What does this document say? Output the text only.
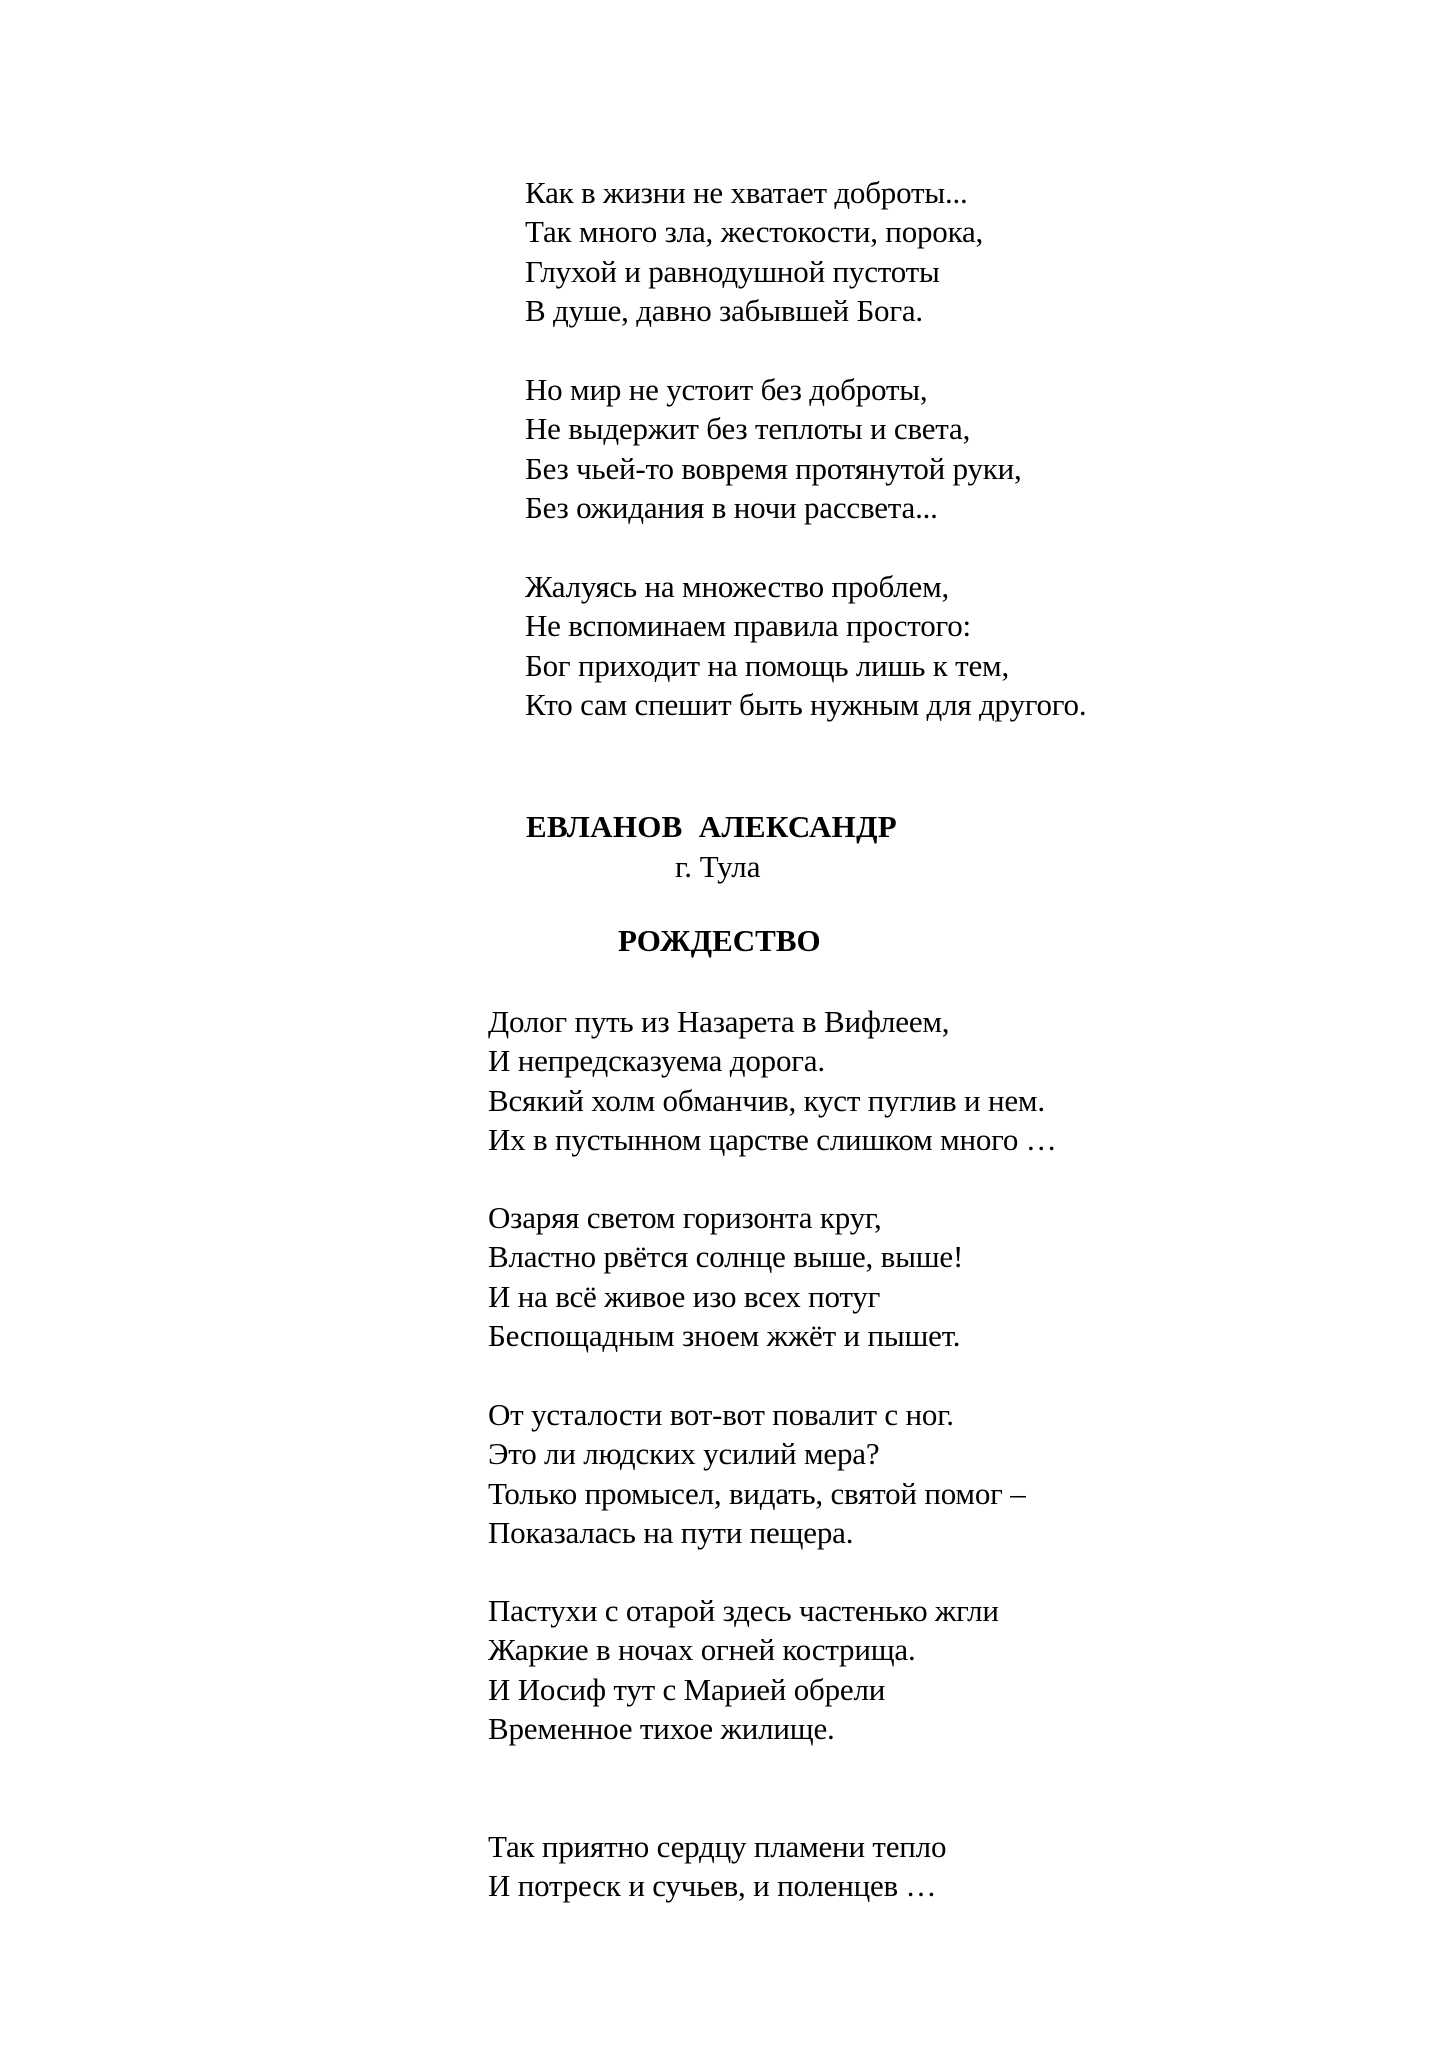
Как в жизни не хватает доброты...
Так много зла, жестокости, порока,
Глухой и равнодушной пустоты
В душе, давно забывшей Бога.
Но мир не устоит без доброты,
Не выдержит без теплоты и света,
Без чьей-то вовремя протянутой руки,
Без ожидания в ночи рассвета...
Жалуясь на множество проблем,
Не вспоминаем правила простого:
Бог приходит на помощь лишь к тем,
Кто сам спешит быть нужным для другого.
ЕВЛАНОВ  АЛЕКСАНДР
г. Тула
РОЖДЕСТВО
Долог путь из Назарета в Вифлеем,
И непредсказуема дорога.
Всякий холм обманчив, куст пуглив и нем.
Их в пустынном царстве слишком много …
Озаряя светом горизонта круг,
Властно рвётся солнце выше, выше!
И на всё живое изо всех потуг
Беспощадным зноем жжёт и пышет.
От усталости вот-вот повалит с ног.
Это ли людских усилий мера?
Только промысел, видать, святой помог –
Показалась на пути пещера.
Пастухи с отарой здесь частенько жгли
Жаркие в ночах огней кострища.
И Иосиф тут с Марией обрели
Временное тихое жилище.
Так приятно сердцу пламени тепло
И потреск и сучьев, и поленцев …
